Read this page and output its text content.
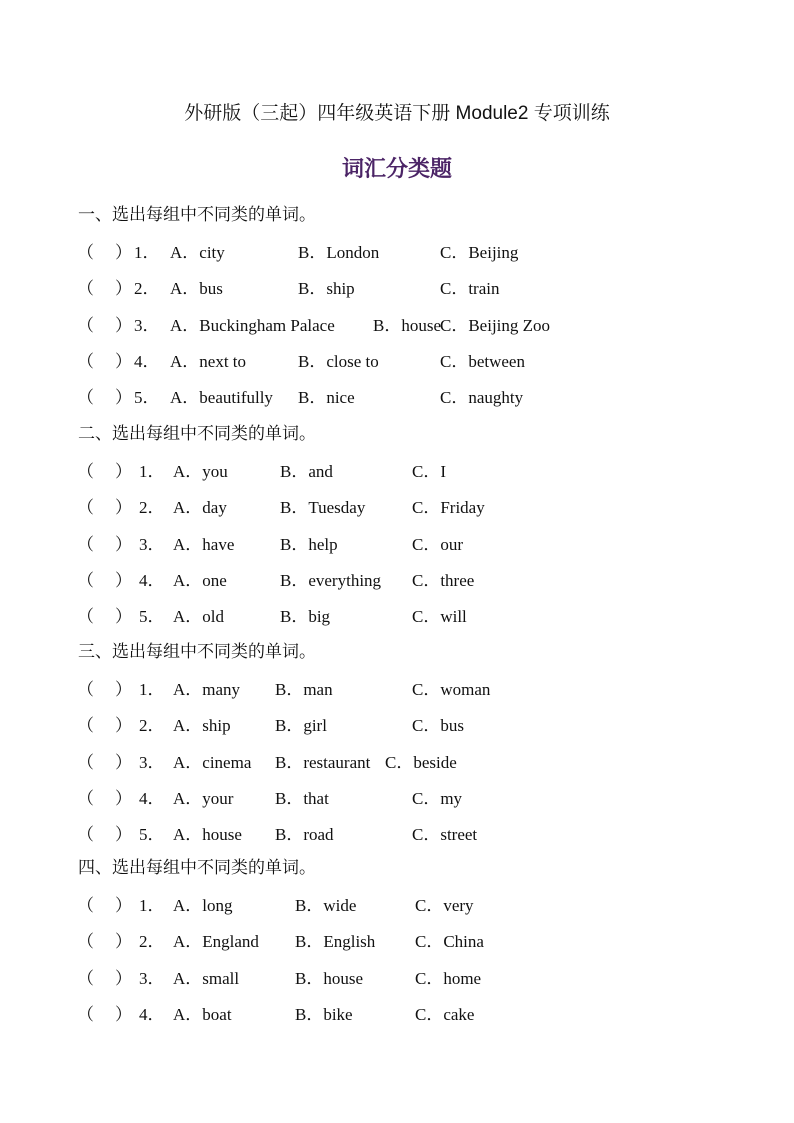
外研版（三起）四年级英语下册 Module2 专项训练
词汇分类题
一、选出每组中不同类的单词。
（ ） 1． A．city	B．London	C．Beijing
（ ） 2． A．bus	B．ship	C．train
（ ） 3． A．Buckingham Palace B．house C．Beijing Zoo
（ ） 4． A．next to	B．close to	C．between
（ ） 5． A．beautifully B．nice	C．naughty
二、选出每组中不同类的单词。
（ ） 1． A．you	B．and	C．I
（ ） 2． A．day	B．Tuesday	C．Friday
（ ） 3． A．have	B．help	C．our
（ ） 4． A．one	B．everything C．three
（ ） 5． A．old	B．big	C．will
三、选出每组中不同类的单词。
（ ） 1． A．many B．man	C．woman
（ ） 2． A．ship	B．girl	C．bus
（ ） 3． A．cinema B．restaurant C．beside
（ ） 4． A．your B．that	C．my
（ ） 5． A．house B．road	C．street
四、选出每组中不同类的单词。
（ ） 1． A．long	B．wide	C．very
（ ） 2． A．England B．English C．China
（ ） 3． A．small	B．house	C．home
（ ） 4． A．boat	B．bike	C．cake
